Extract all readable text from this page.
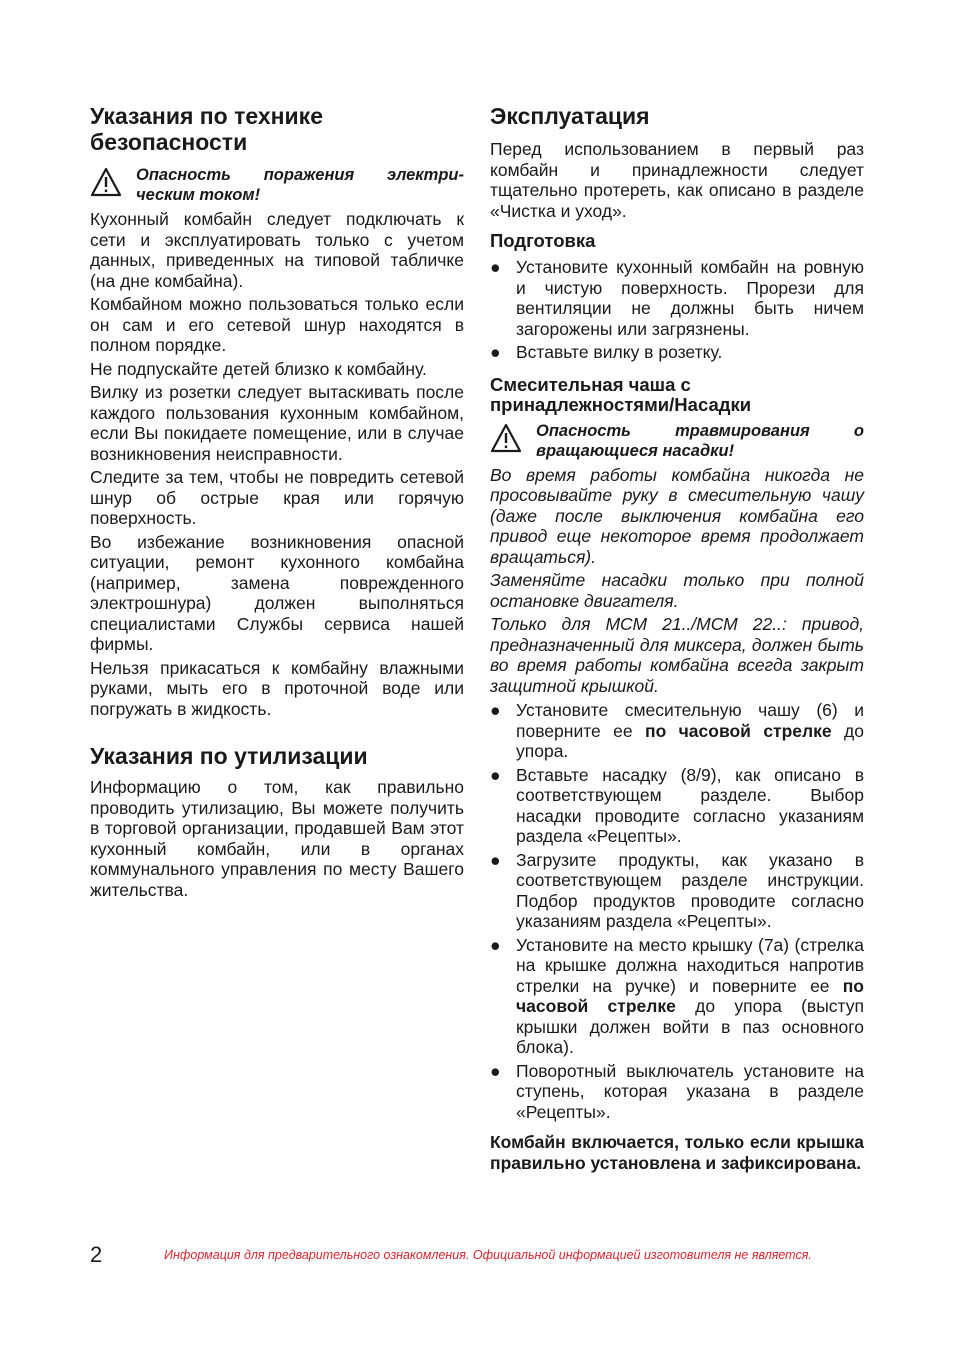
Указания по технике безопасности
Опасность поражения электри-ческим током!

Кухонный комбайн следует подключать к сети и эксплуатировать только с учетом данных, приведенных на типовой табличке (на дне комбайна).

Комбайном можно пользоваться только если он сам и его сетевой шнур находятся в полном порядке.

Не подпускайте детей близко к комбайну.

Вилку из розетки следует вытаскивать после каждого пользования кухонным комбайном, если Вы покидаете помещение, или в случае возникновения неисправности.

Следите за тем, чтобы не повредить сетевой шнур об острые края или горячую поверхность.

Во избежание возникновения опасной ситуации, ремонт кухонного комбайна (например, замена поврежденного электрошнура) должен выполняться специалистами Службы сервиса нашей фирмы.

Нельзя прикасаться к комбайну влажными руками, мыть его в проточной воде или погружать в жидкость.

Указания по утилизации

Информацию о том, как правильно проводить утилизацию, Вы можете получить в торговой организации, продавшей Вам этот кухонный комбайн, или в органах коммунального управления по месту Вашего жительства.

Эксплуатация

Перед использованием в первый раз комбайн и принадлежности следует тщательно протереть, как описано в разделе «Чистка и уход».

Подготовка
● Установите кухонный комбайн на ровную и чистую поверхность. Прорези для вентиляции не должны быть ничем загорожены или загрязнены.
● Вставьте вилку в розетку.
Смесительная чаша с принадлежностями/Насадки
Опасность травмирования о вращающиеся насадки!

Во время работы комбайна никогда не просовывайте руку в смесительную чашу (даже после выключения комбайна его привод еще некоторое время продолжает вращаться).

Заменяйте насадки только при полной остановке двигателя.

Только для МСМ 21../МСМ 22..: привод, предназначенный для миксера, должен быть во время работы комбайна всегда закрыт защитной крышкой.

● Установите смесительную чашу (6) и поверните ее по часовой стрелке до упора.
● Вставьте насадку (8/9), как описано в соответствующем разделе. Выбор насадки проводите согласно указаниям раздела «Рецепты».
● Загрузите продукты, как указано в соответствующем разделе инструкции. Подбор продуктов проводите согласно указаниям раздела «Рецепты».
● Установите на место крышку (7а) (стрелка на крышке должна находиться напротив стрелки на ручке) и поверните ее по часовой стрелке до упора (выступ крышки должен войти в паз основного блока).
● Поворотный выключатель установите на ступень, которая указана в разделе «Рецепты».

Комбайн включается, только если крышка правильно установлена и зафиксирована.

2	Информация для предварительного ознакомления. Официальной информацией изготовителя не является.
